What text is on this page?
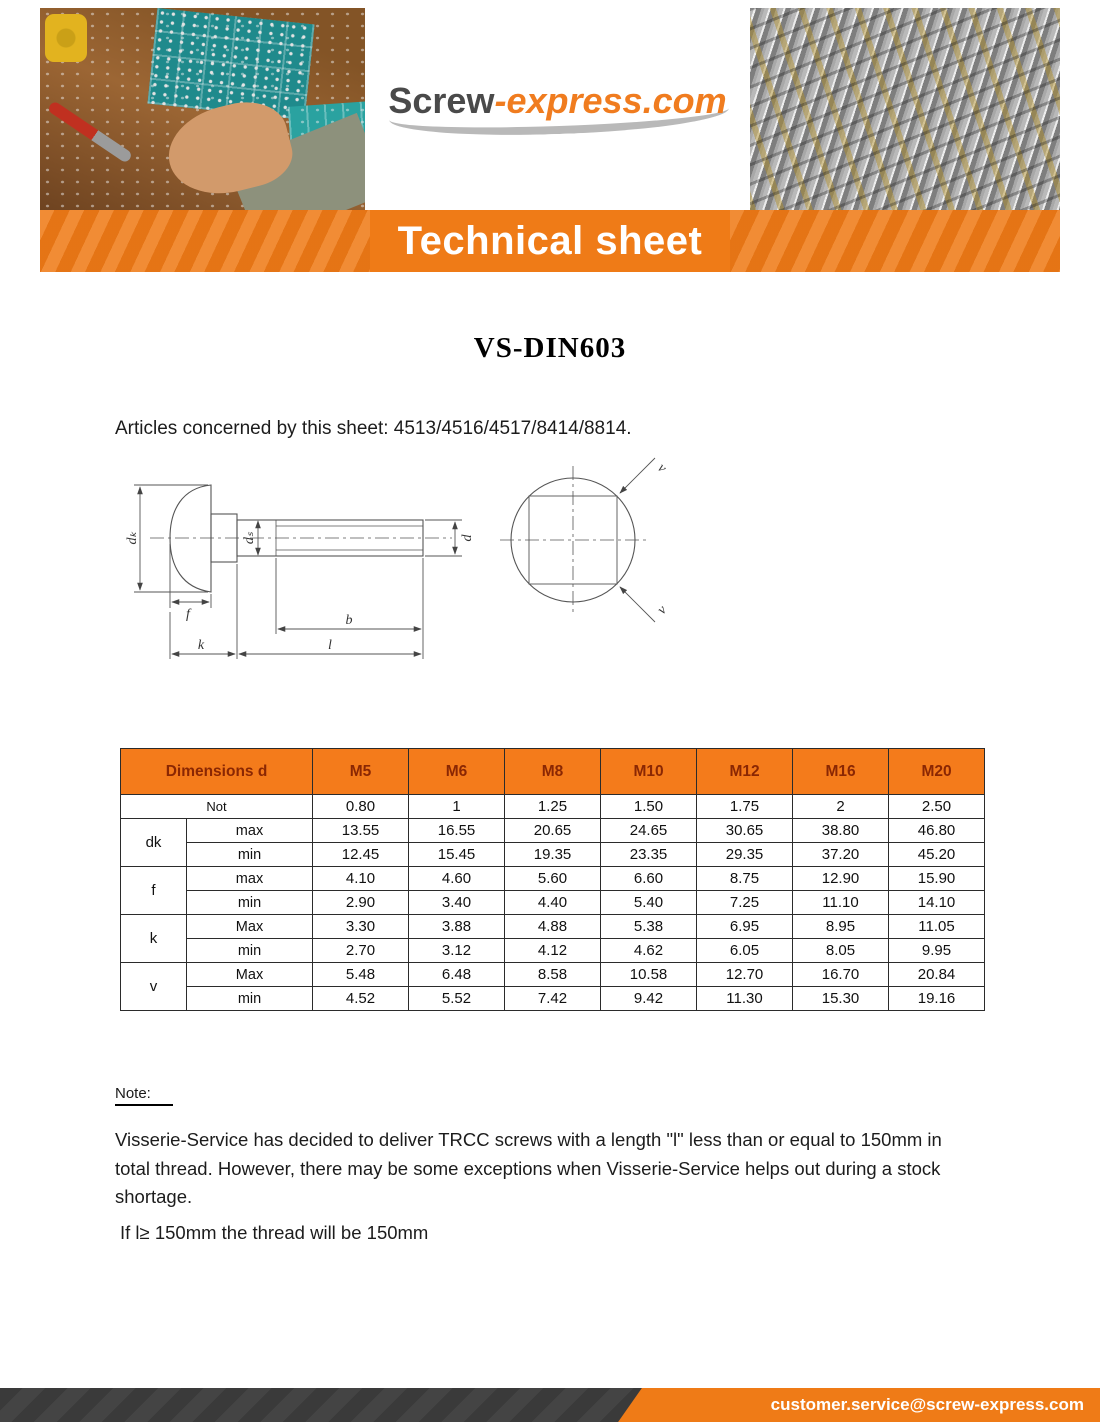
Screw-express.com
Technical sheet
VS-DIN603
Articles concerned by this sheet: 4513/4516/4517/8414/8814.
dₖ	dₛ	d
f	b
k	l
v
v
Dimensions d		M5	M6	M8	M10	M12	M16	M20
Not		0.80	1	1.25	1.50	1.75	2	2.50
dk	max	13.55	16.55	20.65	24.65	30.65	38.80	46.80
	min	12.45	15.45	19.35	23.35	29.35	37.20	45.20
f	max	4.10	4.60	5.60	6.60	8.75	12.90	15.90
	min	2.90	3.40	4.40	5.40	7.25	11.10	14.10
k	Max	3.30	3.88	4.88	5.38	6.95	8.95	11.05
	min	2.70	3.12	4.12	4.62	6.05	8.05	9.95
v	Max	5.48	6.48	8.58	10.58	12.70	16.70	20.84
	min	4.52	5.52	7.42	9.42	11.30	15.30	19.16
Note:
Visserie-Service has decided to deliver TRCC screws with a length "l" less than or equal to 150mm in total thread. However, there may be some exceptions when Visserie-Service helps out during a stock shortage.
If l≥ 150mm the thread will be 150mm
customer.service@screw-express.com
